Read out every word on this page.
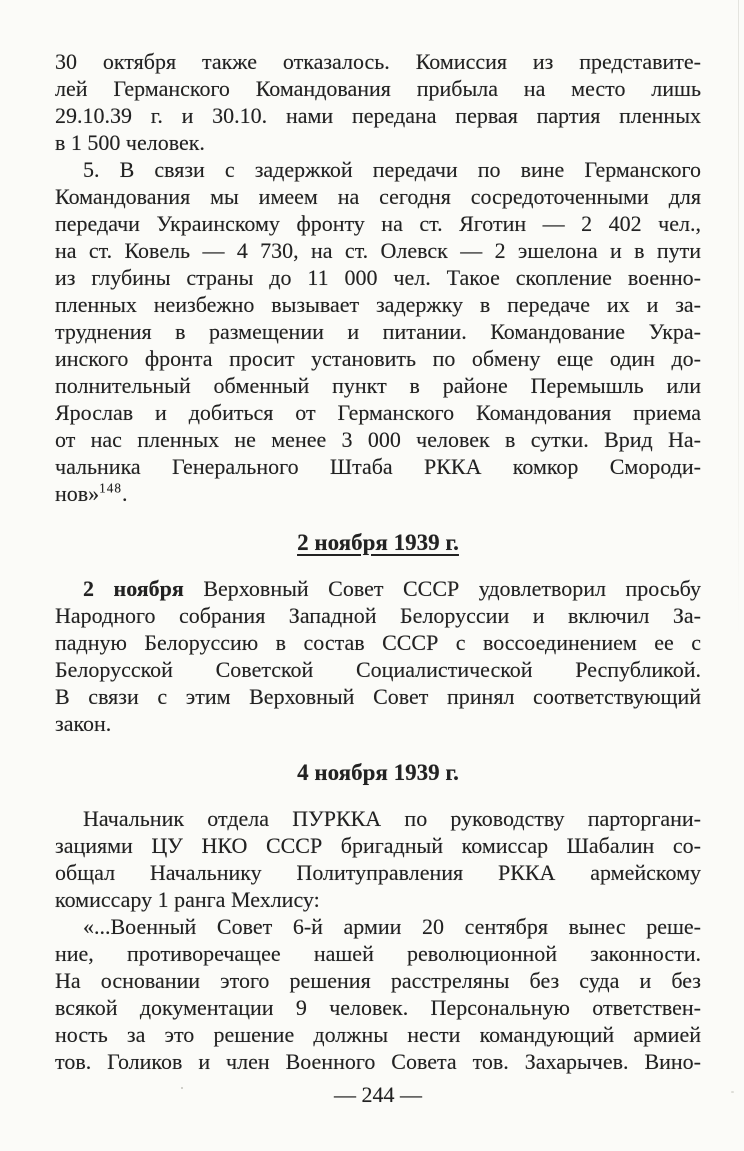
30 октября также отказалось. Комиссия из представите-
лей Германского Командования прибыла на место лишь
29.10.39 г. и 30.10. нами передана первая партия пленных
в 1 500 человек.
5. В связи с задержкой передачи по вине Германского
Командования мы имеем на сегодня сосредоточенными для
передачи Украинскому фронту на ст. Яготин — 2 402 чел.,
на ст. Ковель — 4 730, на ст. Олевск — 2 эшелона и в пути
из глубины страны до 11 000 чел. Такое скопление военно-
пленных неизбежно вызывает задержку в передаче их и за-
труднения в размещении и питании. Командование Укра-
инского фронта просит установить по обмену еще один до-
полнительный обменный пункт в районе Перемышль или
Ярослав и добиться от Германского Командования приема
от нас пленных не менее 3 000 человек в сутки. Врид На-
чальника Генерального Штаба РККА комкор Смороди-
нов»$^{148}$.
2 ноября 1939 г.
2 ноября Верховный Совет СССР удовлетворил просьбу
Народного собрания Западной Белоруссии и включил За-
падную Белоруссию в состав СССР с воссоединением ее с
Белорусской Советской Социалистической Республикой.
В связи с этим Верховный Совет принял соответствующий
закон.
4 ноября 1939 г.
Начальник отдела ПУРККА по руководству парторгани-
зациями ЦУ НКО СССР бригадный комиссар Шабалин со-
общал Начальнику Политуправления РККА армейскому
комиссару 1 ранга Мехлису:
«...Военный Совет 6-й армии 20 сентября вынес реше-
ние, противоречащее нашей революционной законности.
На основании этого решения расстреляны без суда и без
всякой документации 9 человек. Персональную ответствен-
ность за это решение должны нести командующий армией
тов. Голиков и член Военного Совета тов. Захарычев. Вино-
— 244 —
